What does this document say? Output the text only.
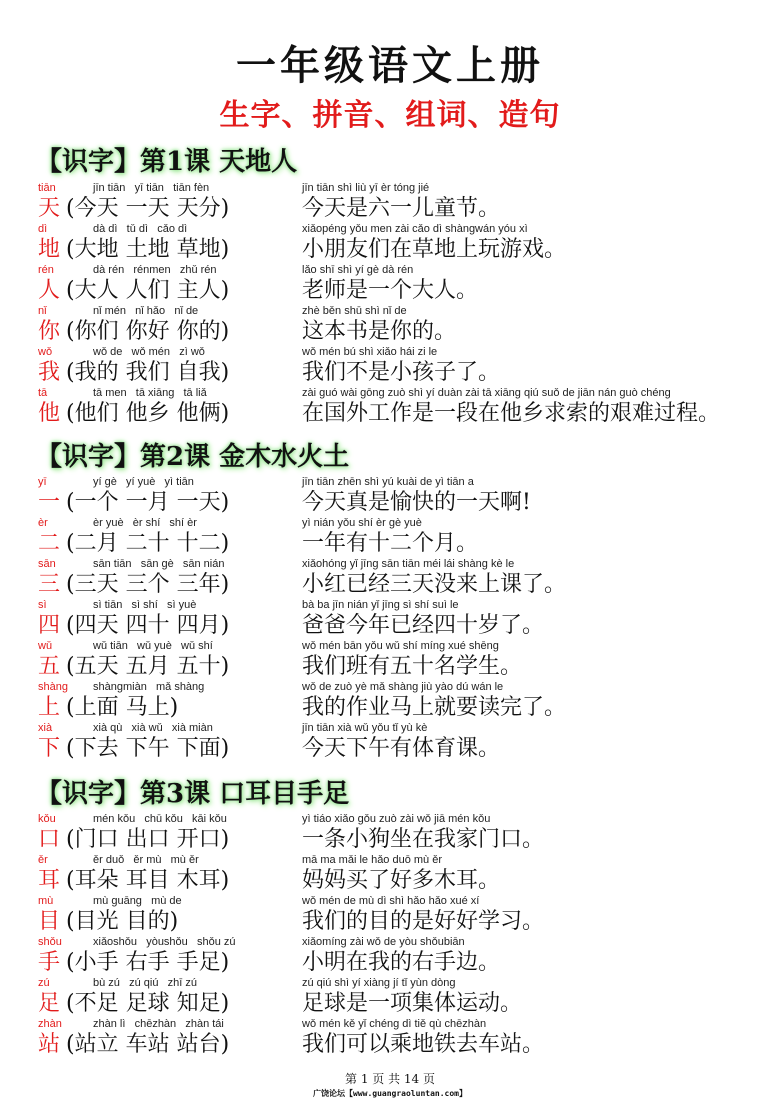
一年级语文上册
生字、拼音、组词、造句
【识字】第1课 天地人
tiān
天
jīn tiān   yī tiān   tiān fèn
(今天 一天 天分)
jīn tiān shì liù yī èr tóng jié
今天是六一儿童节。
dì
地
dà dì   tǔ dì   cǎo dì
(大地 土地 草地)
xiǎopéng yǒu men zài cǎo dì shàngwán yóu xì
小朋友们在草地上玩游戏。
rén
人
dà rén   rénmen   zhǔ rén
(大人 人们 主人)
lǎo shī shì yí gè dà rén
老师是一个大人。
nǐ
你
nǐ mén   nǐ hǎo   nǐ de
(你们 你好 你的)
zhè běn shū shì nǐ de
这本书是你的。
wǒ
我
wǒ de   wǒ mén   zì wǒ
(我的 我们 自我)
wǒ mén bú shì xiǎo hái zi le
我们不是小孩子了。
tā
他
tā men   tā xiāng   tā liǎ
(他们 他乡 他俩)
zài guó wài gōng zuò shì yí duàn zài tā xiāng qiú suǒ de jiān nán guò chéng
在国外工作是一段在他乡求索的艰难过程。
【识字】第2课 金木水火土
yī
一
yí gè   yí yuè   yì tiān
(一个 一月 一天)
jīn tiān zhēn shì yú kuài de yì tiān a
今天真是愉快的一天啊!
èr
二
èr yuè   èr shí   shí èr
(二月 二十 十二)
yì nián yǒu shí èr gè yuè
一年有十二个月。
sān
三
sān tiān   sān gè   sān nián
(三天 三个 三年)
xiǎohóng yǐ jīng sān tiān méi lái shàng kè le
小红已经三天没来上课了。
sì
四
sì tiān   sì shí   sì yuè
(四天 四十 四月)
bà ba jīn nián yǐ jīng sì shí suì le
爸爸今年已经四十岁了。
wǔ
五
wǔ tiān   wǔ yuè   wǔ shí
(五天 五月 五十)
wǒ mén bān yǒu wǔ shí míng xué shēng
我们班有五十名学生。
shàng
上
shàngmiàn   mǎ shàng
(上面 马上)
wǒ de zuò yè mǎ shàng jiù yào dú wán le
我的作业马上就要读完了。
xià
下
xià qù   xià wǔ   xià miàn
(下去 下午 下面)
jīn tiān xià wǔ yǒu tǐ yù kè
今天下午有体育课。
【识字】第3课 口耳目手足
kǒu
口
mén kǒu   chū kǒu   kāi kǒu
(门口 出口 开口)
yì tiáo xiǎo gǒu zuò zài wǒ jiā mén kǒu
一条小狗坐在我家门口。
ěr
耳
ěr duǒ   ěr mù   mù ěr
(耳朵 耳目 木耳)
mā ma mǎi le hǎo duō mù ěr
妈妈买了好多木耳。
mù
目
mù guāng   mù de
(目光 目的)
wǒ mén de mù dì shì hǎo hǎo xué xí
我们的目的是好好学习。
shǒu
手
xiǎoshǒu   yòushǒu   shǒu zú
(小手 右手 手足)
xiǎomíng zài wǒ de yòu shǒubiān
小明在我的右手边。
zú
足
bù zú   zú qiú   zhī zú
(不足 足球 知足)
zú qiú shì yí xiàng jí tǐ yùn dòng
足球是一项集体运动。
zhàn
站
zhàn lì   chēzhàn   zhàn tái
(站立 车站 站台)
wǒ mén kě yǐ chéng dì tiě qù chēzhàn
我们可以乘地铁去车站。
第 1 页 共 14 页
广饶论坛【www.guangraoluntan.com】
